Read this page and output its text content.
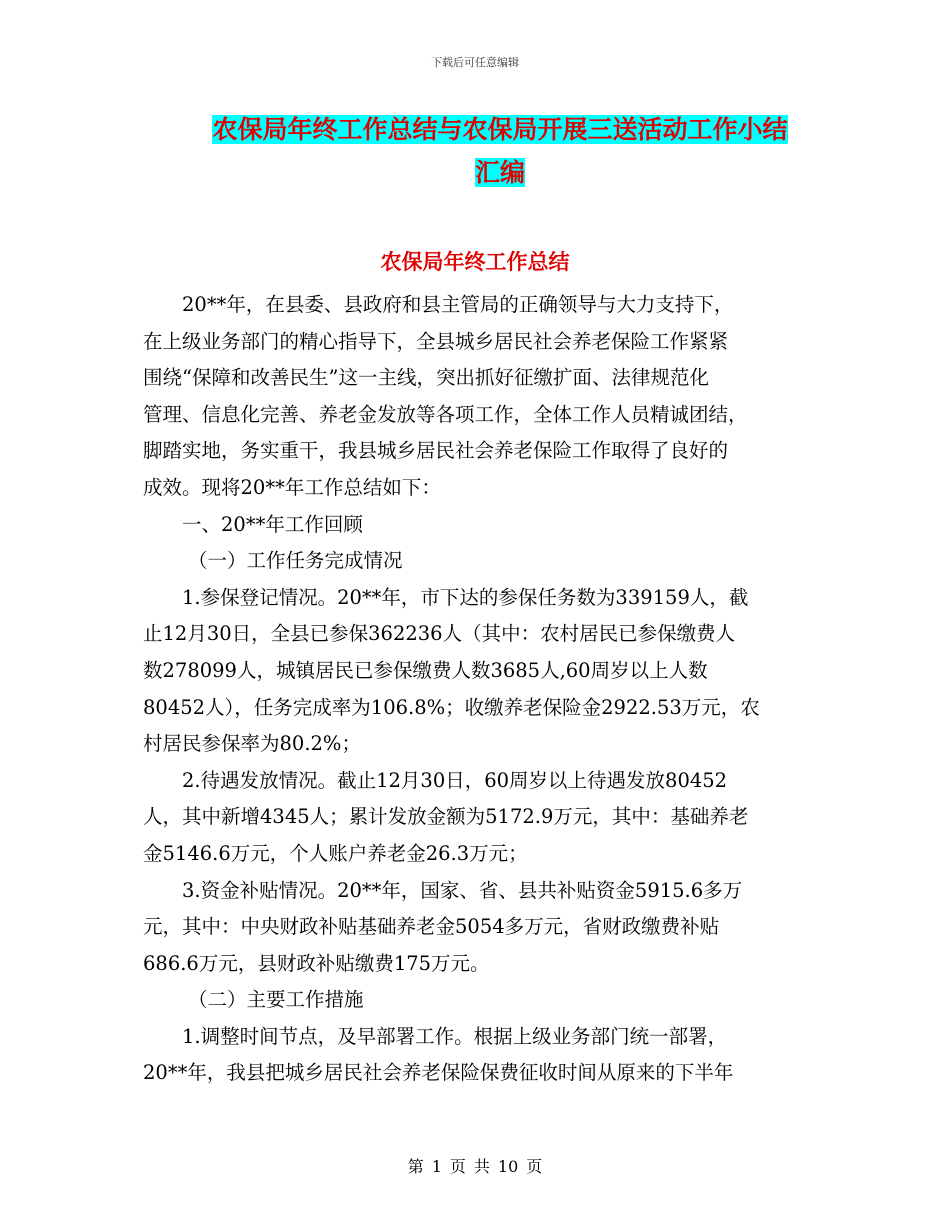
下载后可任意编辑
农保局年终工作总结与农保局开展三送活动工作小结
汇编
农保局年终工作总结

20**年，在县委、县政府和县主管局的正确领导与大力支持下，

在上级业务部门的精心指导下，全县城乡居民社会养老保险工作紧紧

围绕“保障和改善民生”这一主线，突出抓好征缴扩面、法律规范化

管理、信息化完善、养老金发放等各项工作，全体工作人员精诚团结，

脚踏实地，务实重干，我县城乡居民社会养老保险工作取得了良好的

成效。现将20**年工作总结如下：

一、20**年工作回顾

（一）工作任务完成情况

1.参保登记情况。20**年，市下达的参保任务数为339159人，截

止12月30日，全县已参保362236人（其中：农村居民已参保缴费人

数278099人，城镇居民已参保缴费人数3685人,60周岁以上人数

80452人），任务完成率为106.8%；收缴养老保险金2922.53万元，农

村居民参保率为80.2%；

2.待遇发放情况。截止12月30日，60周岁以上待遇发放80452

人，其中新增4345人；累计发放金额为5172.9万元，其中：基础养老

金5146.6万元，个人账户养老金26.3万元；

3.资金补贴情况。20**年，国家、省、县共补贴资金5915.6多万

元，其中：中央财政补贴基础养老金5054多万元，省财政缴费补贴

686.6万元，县财政补贴缴费175万元。

（二）主要工作措施

1.调整时间节点，及早部署工作。根据上级业务部门统一部署，

20**年，我县把城乡居民社会养老保险保费征收时间从原来的下半年

第 1 页 共 10 页
